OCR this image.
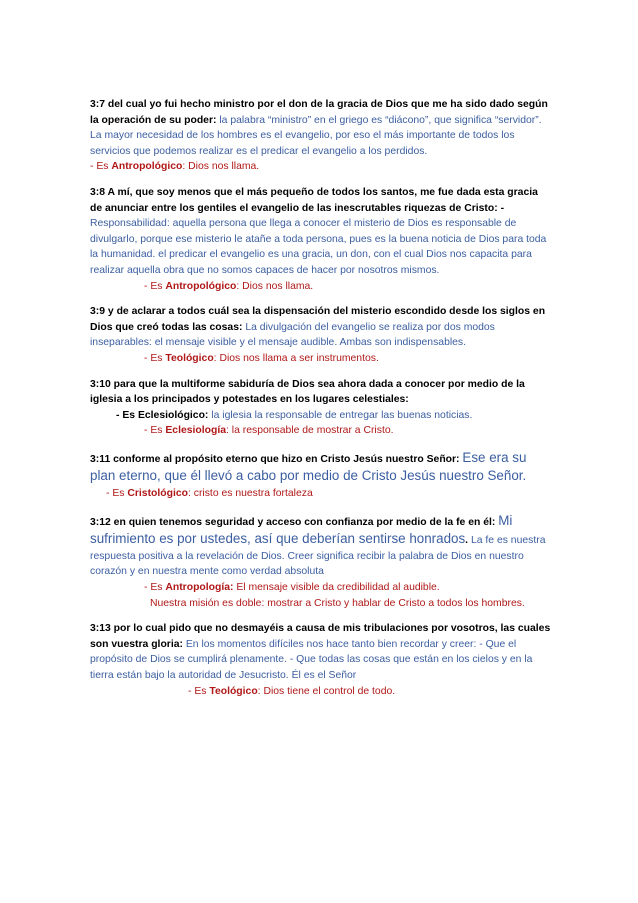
3:7 del cual yo fui hecho ministro por el don de la gracia de Dios que me ha sido dado según la operación de su poder: la palabra “ministro” en el griego es “diácono”, que significa “servidor”. La mayor necesidad de los hombres es el evangelio, por eso el más importante de todos los servicios que podemos realizar es el predicar el evangelio a los perdidos.
- Es Antropológico: Dios nos llama.
3:8 A mí, que soy menos que el más pequeño de todos los santos, me fue dada esta gracia de anunciar entre los gentiles el evangelio de las inescrutables riquezas de Cristo: - Responsabilidad: aquella persona que llega a conocer el misterio de Dios es responsable de divulgarlo, porque ese misterio le atañe a toda persona, pues es la buena noticia de Dios para toda la humanidad. el predicar el evangelio es una gracia, un don, con el cual Dios nos capacita para realizar aquella obra que no somos capaces de hacer por nosotros mismos.
- Es Antropológico: Dios nos llama.
3:9 y de aclarar a todos cuál sea la dispensación del misterio escondido desde los siglos en Dios que creó todas las cosas: La divulgación del evangelio se realiza por dos modos inseparables: el mensaje visible y el mensaje audible. Ambas son indispensables.
- Es Teológico: Dios nos llama a ser instrumentos.
3:10 para que la multiforme sabiduría de Dios sea ahora dada a conocer por medio de la iglesia a los principados y potestades en los lugares celestiales:
- Es Eclesiológico: la iglesia la responsable de entregar las buenas noticias.
- Es Eclesiología: la responsable de mostrar a Cristo.
3:11 conforme al propósito eterno que hizo en Cristo Jesús nuestro Señor: Ese era su plan eterno, que él llevó a cabo por medio de Cristo Jesús nuestro Señor.
- Es Cristológico: cristo es nuestra fortaleza
3:12 en quien tenemos seguridad y acceso con confianza por medio de la fe en él: Mi sufrimiento es por ustedes, así que deberían sentirse honrados. La fe es nuestra respuesta positiva a la revelación de Dios. Creer significa recibir la palabra de Dios en nuestro corazón y en nuestra mente como verdad absoluta
- Es Antropología: El mensaje visible da credibilidad al audible.
Nuestra misión es doble: mostrar a Cristo y hablar de Cristo a todos los hombres.
3:13 por lo cual pido que no desmayéis a causa de mis tribulaciones por vosotros, las cuales son vuestra gloria: En los momentos difíciles nos hace tanto bien recordar y creer: - Que el propósito de Dios se cumplirá plenamente. - Que todas las cosas que están en los cielos y en la tierra están bajo la autoridad de Jesucristo. Él es el Señor
- Es Teológico: Dios tiene el control de todo.
